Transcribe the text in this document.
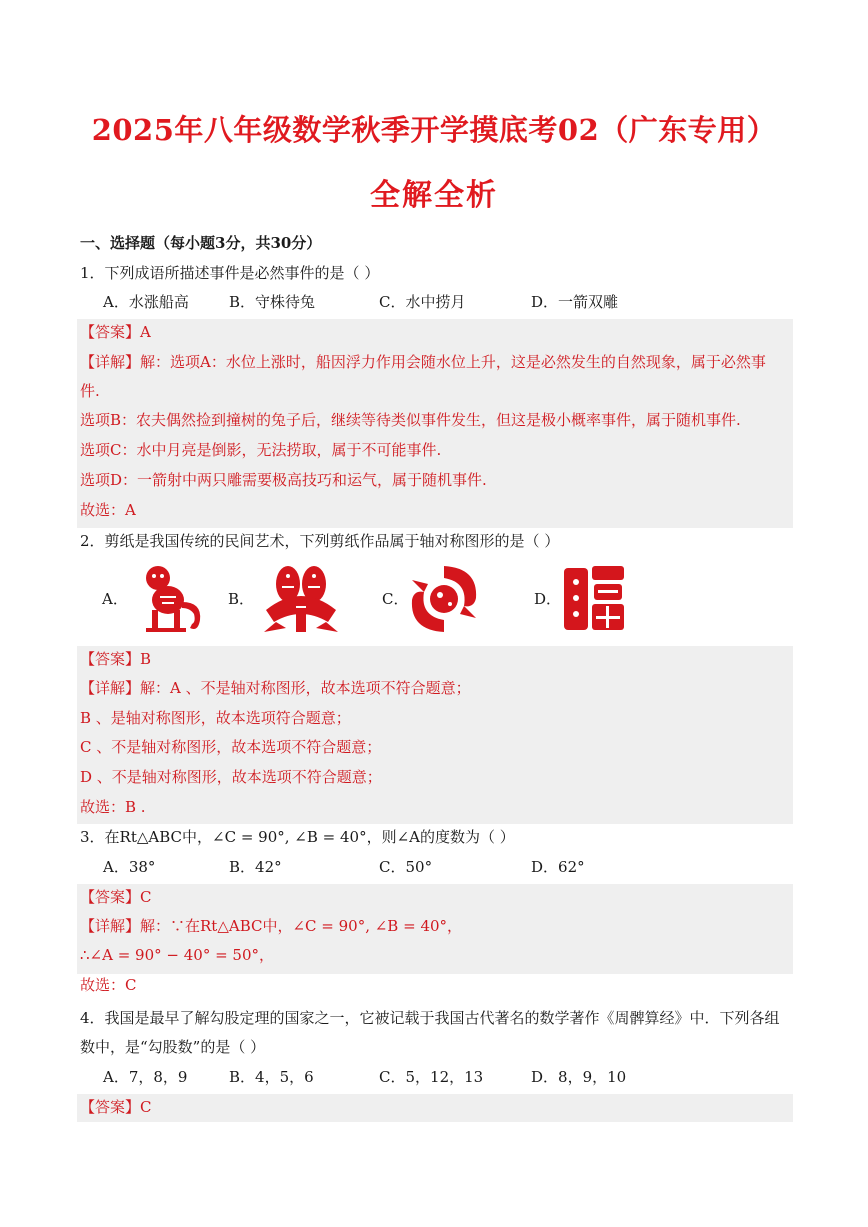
2025年八年级数学秋季开学摸底考02（广东专用）
全解全析
一、选择题（每小题3分，共30分）
1．下列成语所描述事件是必然事件的是（ ）
A．水涨船高	B．守株待兔	C．水中捞月	D．一箭双雕
【答案】A
【详解】解：选项A：水位上涨时，船因浮力作用会随水位上升，这是必然发生的自然现象，属于必然事
件.
选项B：农夫偶然捡到撞树的兔子后，继续等待类似事件发生，但这是极小概率事件，属于随机事件.
选项C：水中月亮是倒影，无法捞取，属于不可能事件.
选项D：一箭射中两只雕需要极高技巧和运气，属于随机事件.
故选：A
2．剪纸是我国传统的民间艺术，下列剪纸作品属于轴对称图形的是（ ）
A．	B．	C．	D．
【答案】B
【详解】解：A 、不是轴对称图形，故本选项不符合题意；
B 、是轴对称图形，故本选项符合题意；
C 、不是轴对称图形，故本选项不符合题意；
D 、不是轴对称图形，故本选项不符合题意；
故选：B .
3．在Rt△ABC中，∠C = 90°, ∠B = 40°，则∠A的度数为（ ）
A．38°	B．42°	C．50°	D．62°
【答案】C
【详解】解：∵在Rt△ABC中，∠C = 90°, ∠B = 40°，
∴∠A = 90° − 40° = 50°，
故选：C
4．我国是最早了解勾股定理的国家之一，它被记载于我国古代著名的数学著作《周髀算经》中．下列各组
数中，是“勾股数”的是（ ）
A．7，8，9	B．4，5，6	C．5，12，13	D．8，9，10
【答案】C
